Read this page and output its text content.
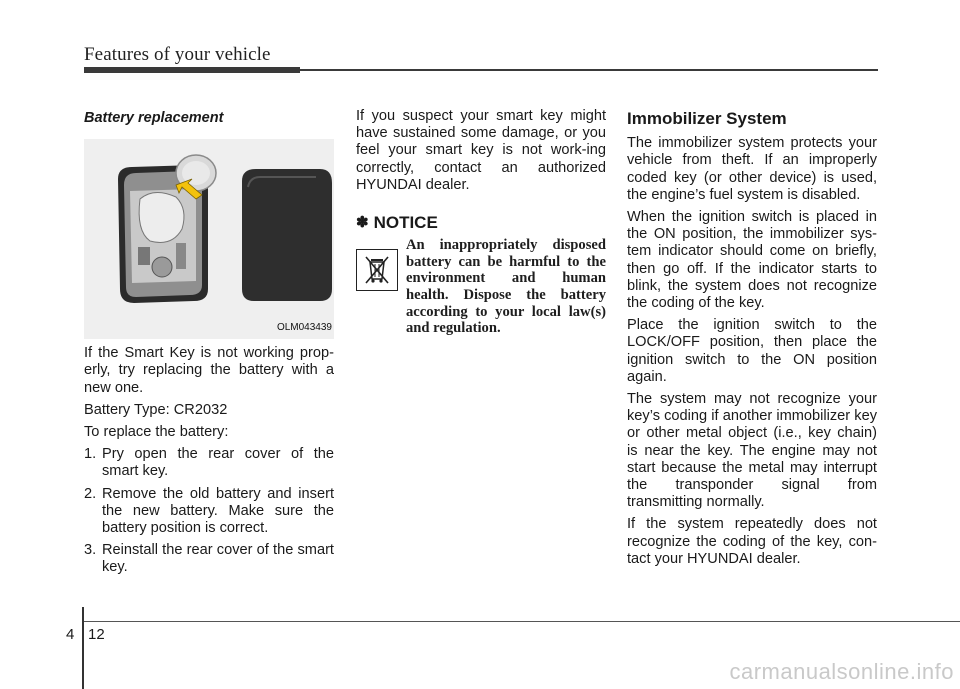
Features of your vehicle
Battery replacement
OLM043439

If the Smart Key is not working prop-erly, try replacing the battery with a new one.

Battery Type: CR2032

To replace the battery:

1. Pry open the rear cover of the smart key.
2. Remove the old battery and insert the new battery. Make sure the battery position is correct.
3. Reinstall the rear cover of the smart key.

If you suspect your smart key might have sustained some damage, or you feel your smart key is not work-ing correctly, contact an authorized HYUNDAI dealer.

✽ NOTICE
An inappropriately disposed battery can be harmful to the environment and human health. Dispose the battery according to your local law(s) and regulation.
Immobilizer System

The immobilizer system protects your vehicle from theft. If an improperly coded key (or other device) is used, the engine’s fuel system is disabled.

When the ignition switch is placed in the ON position, the immobilizer sys-tem indicator should come on briefly, then go off. If the indicator starts to blink, the system does not recognize the coding of the key.

Place the ignition switch to the LOCK/OFF position, then place the ignition switch to the ON position again.

The system may not recognize your key’s coding if another immobilizer key or other metal object (i.e., key chain) is near the key. The engine may not start because the metal may interrupt the transponder signal from transmitting normally.

If the system repeatedly does not recognize the coding of the key, con-tact your HYUNDAI dealer.

4 12
carmanualsonline.info
